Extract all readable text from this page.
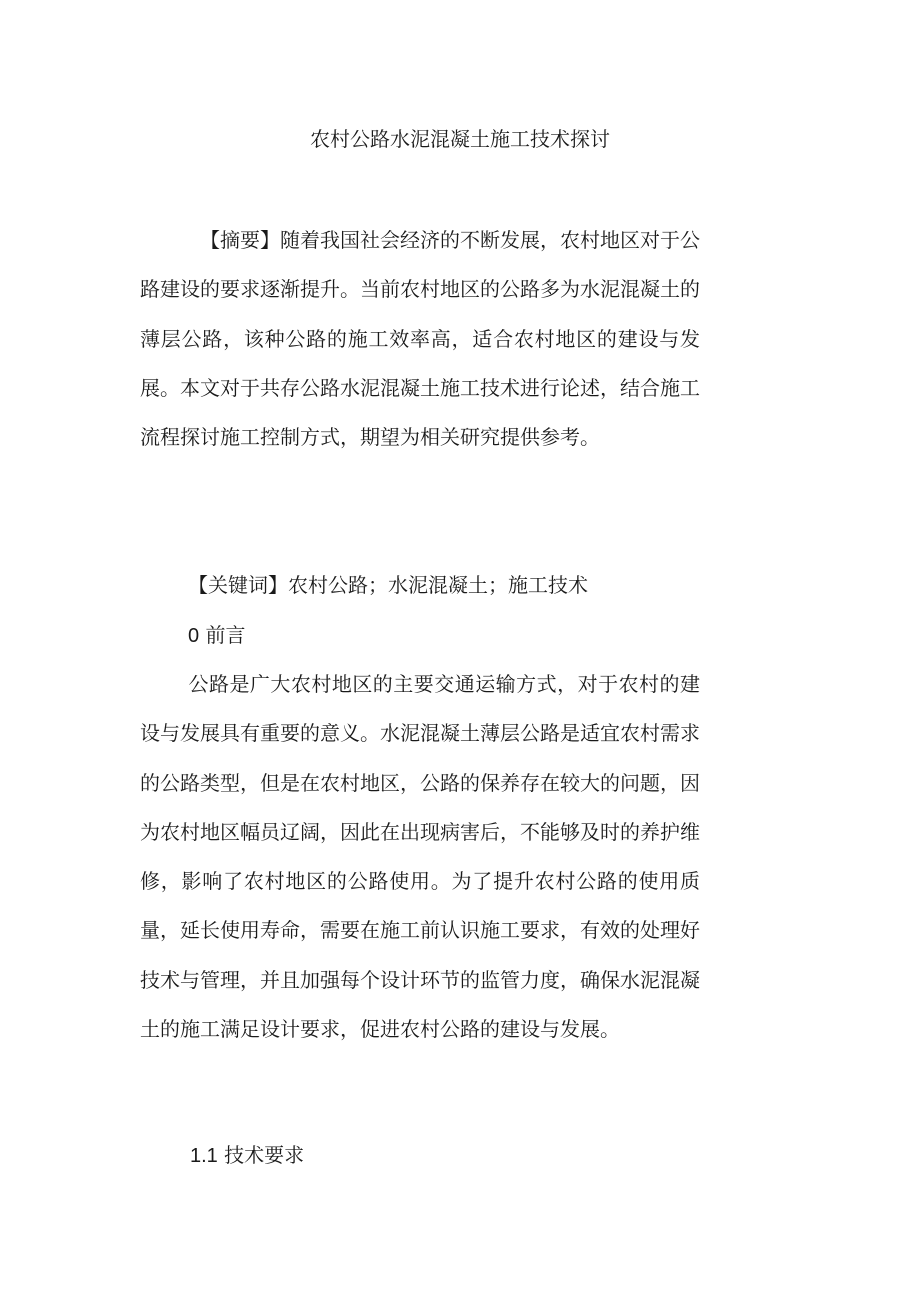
农村公路水泥混凝土施工技术探讨
【摘要】随着我国社会经济的不断发展，农村地区对于公路建设的要求逐渐提升。当前农村地区的公路多为水泥混凝土的薄层公路，该种公路的施工效率高，适合农村地区的建设与发展。本文对于共存公路水泥混凝土施工技术进行论述，结合施工流程探讨施工控制方式，期望为相关研究提供参考。
【关键词】农村公路；水泥混凝土；施工技术
0 前言
公路是广大农村地区的主要交通运输方式，对于农村的建设与发展具有重要的意义。水泥混凝土薄层公路是适宜农村需求的公路类型，但是在农村地区，公路的保养存在较大的问题，因为农村地区幅员辽阔，因此在出现病害后，不能够及时的养护维修，影响了农村地区的公路使用。为了提升农村公路的使用质量，延长使用寿命，需要在施工前认识施工要求，有效的处理好技术与管理，并且加强每个设计环节的监管力度，确保水泥混凝土的施工满足设计要求，促进农村公路的建设与发展。
1.1 技术要求
